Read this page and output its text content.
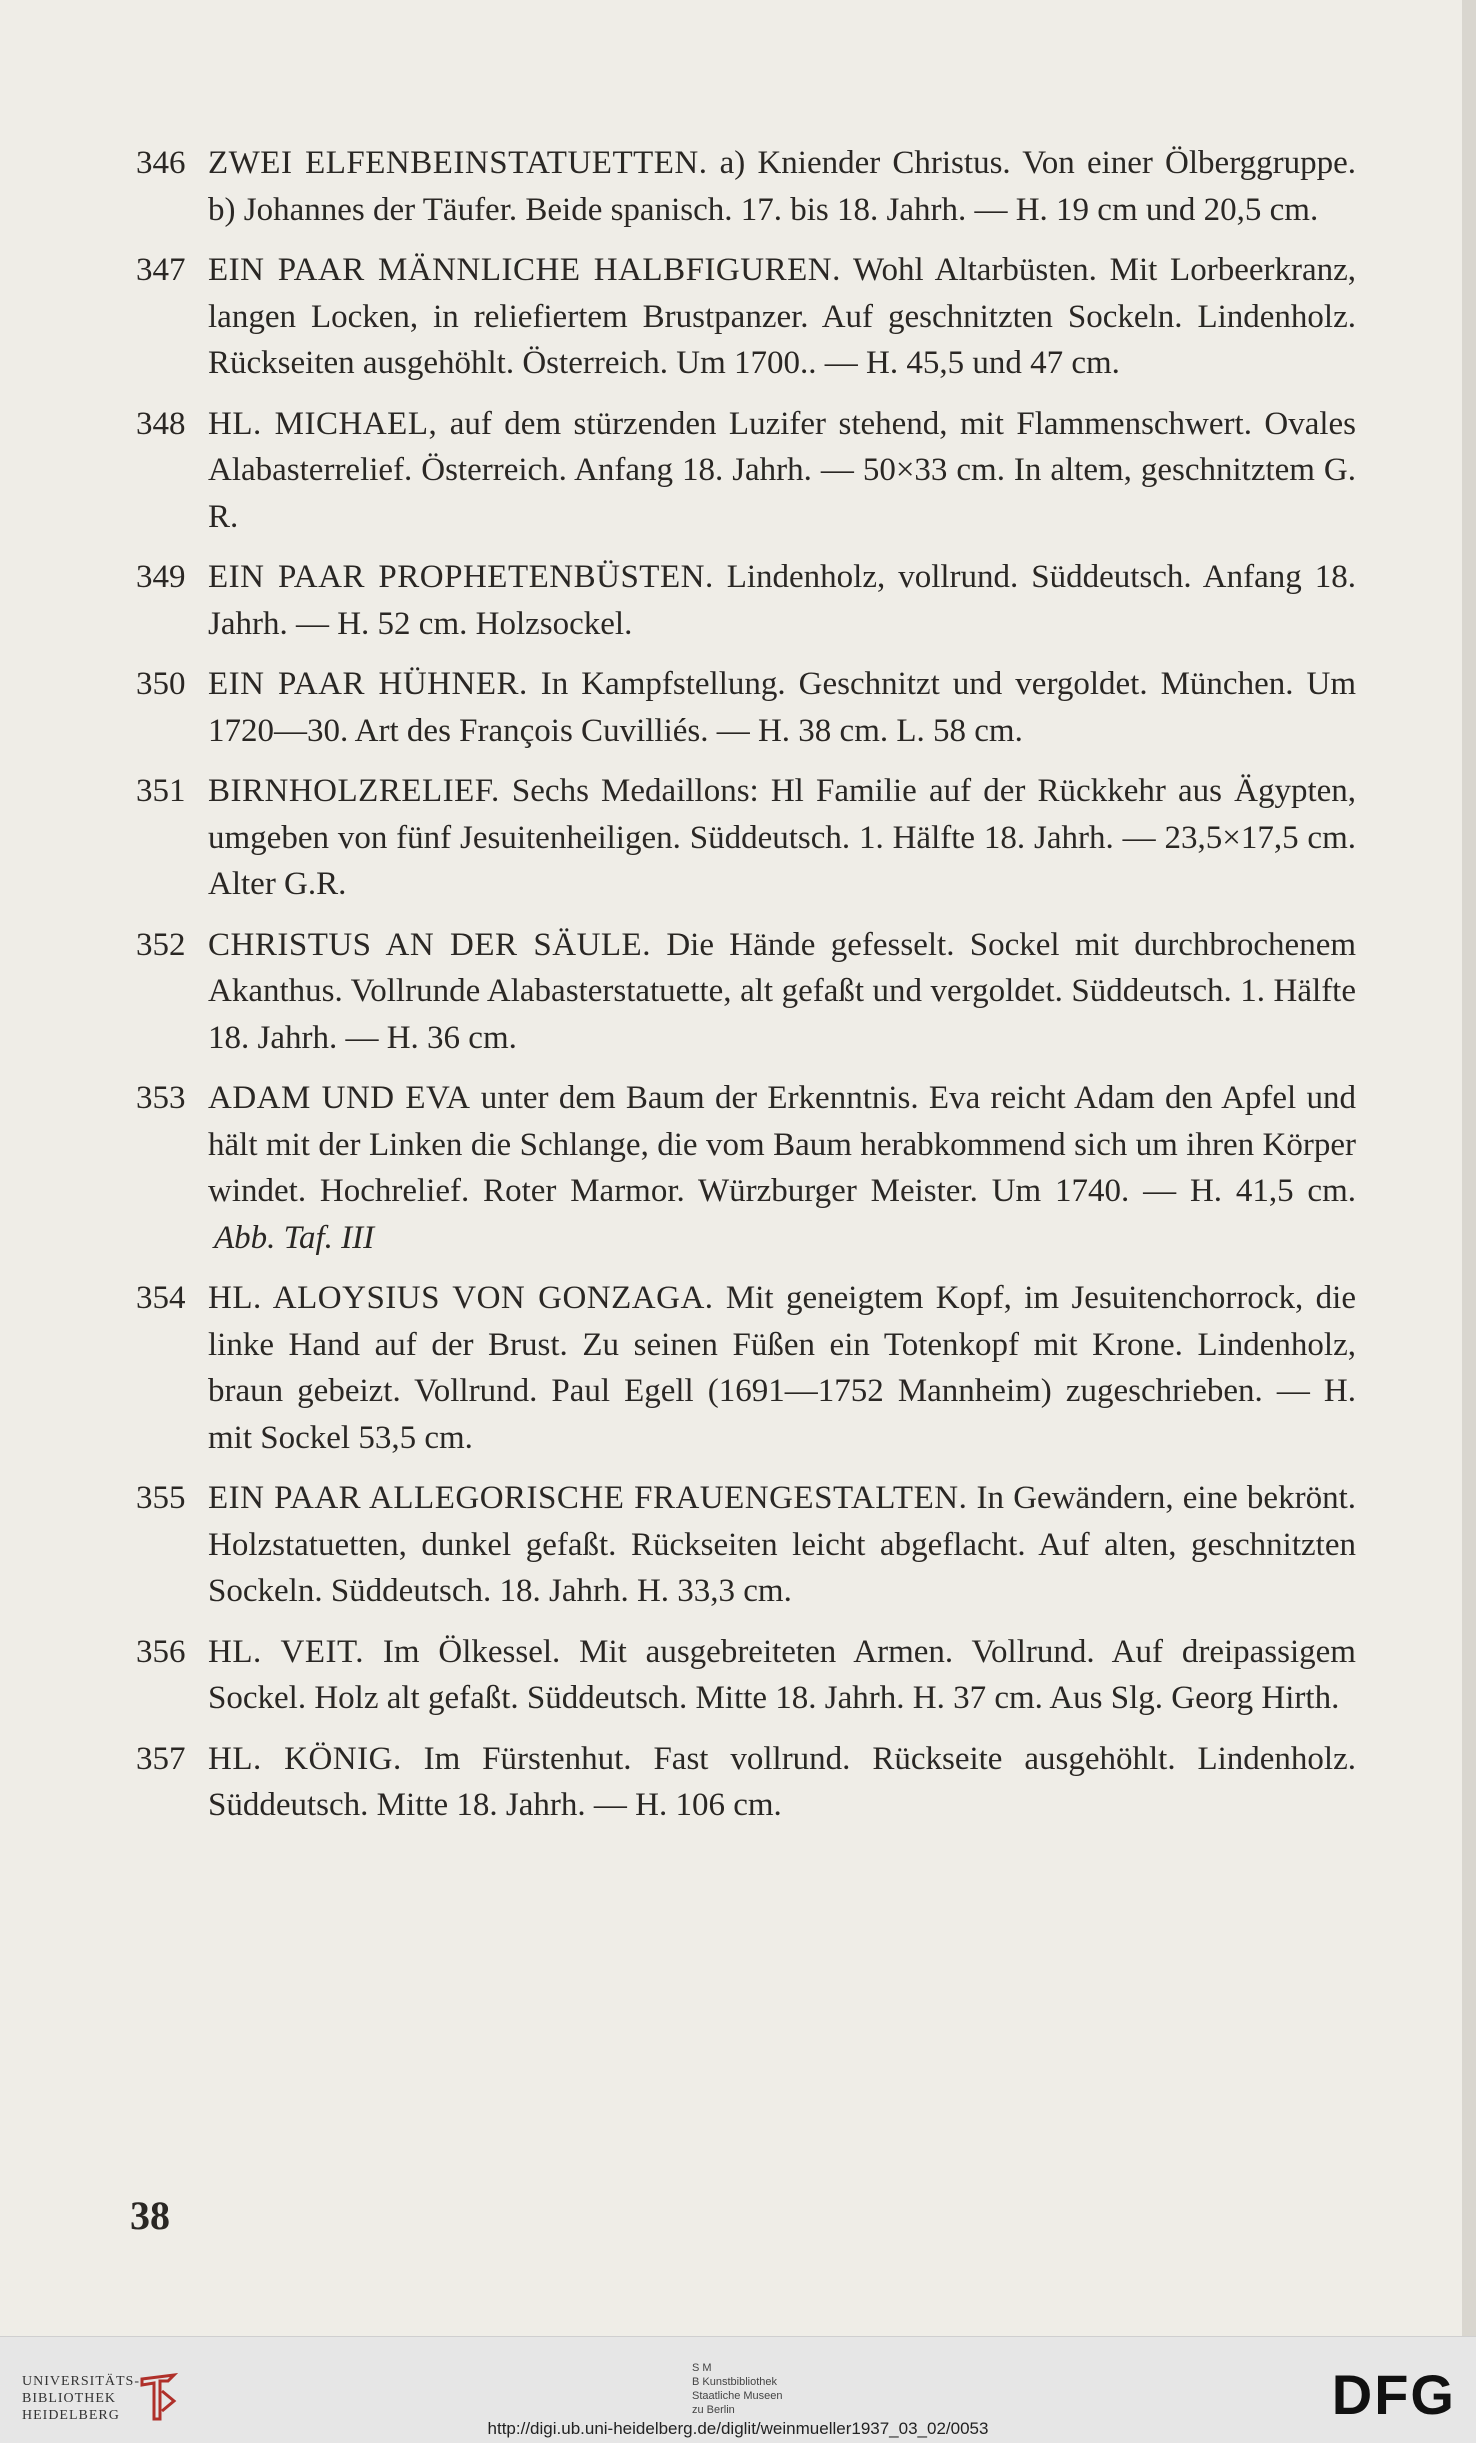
346 ZWEI ELFENBEINSTATUETTEN. a) Kniender Christus. Von einer Ölberggruppe. b) Johannes der Täufer. Beide spanisch. 17. bis 18. Jahrh. — H. 19 cm und 20,5 cm.
347 EIN PAAR MÄNNLICHE HALBFIGUREN. Wohl Altarbüsten. Mit Lorbeerkranz, langen Locken, in reliefiertem Brustpanzer. Auf geschnitzten Sockeln. Lindenholz. Rückseiten ausgehöhlt. Österreich. Um 1700.. — H. 45,5 und 47 cm.
348 HL. MICHAEL, auf dem stürzenden Luzifer stehend, mit Flammenschwert. Ovales Alabasterrelief. Österreich. Anfang 18. Jahrh. — 50×33 cm. In altem, geschnitztem G. R.
349 EIN PAAR PROPHETENBÜSTEN. Lindenholz, vollrund. Süddeutsch. Anfang 18. Jahrh. — H. 52 cm. Holzsockel.
350 EIN PAAR HÜHNER. In Kampfstellung. Geschnitzt und vergoldet. München. Um 1720—30. Art des François Cuvilliés. — H. 38 cm. L. 58 cm.
351 BIRNHOLZRELIEF. Sechs Medaillons: Hl Familie auf der Rückkehr aus Ägypten, umgeben von fünf Jesuitenheiligen. Süddeutsch. 1. Hälfte 18. Jahrh. — 23,5×17,5 cm. Alter G.R.
352 CHRISTUS AN DER SÄULE. Die Hände gefesselt. Sockel mit durchbrochenem Akanthus. Vollrunde Alabasterstatuette, alt gefaßt und vergoldet. Süddeutsch. 1. Hälfte 18. Jahrh. — H. 36 cm.
353 ADAM UND EVA unter dem Baum der Erkenntnis. Eva reicht Adam den Apfel und hält mit der Linken die Schlange, die vom Baum herabkommend sich um ihren Körper windet. Hochrelief. Roter Marmor. Würzburger Meister. Um 1740. — H. 41,5 cm. Abb. Taf. III
354 HL. ALOYSIUS VON GONZAGA. Mit geneigtem Kopf, im Jesuitenchorrock, die linke Hand auf der Brust. Zu seinen Füßen ein Totenkopf mit Krone. Lindenholz, braun gebeizt. Vollrund. Paul Egell (1691—1752 Mannheim) zugeschrieben. — H. mit Sockel 53,5 cm.
355 EIN PAAR ALLEGORISCHE FRAUENGESTALTEN. In Gewändern, eine bekrönt. Holzstatuetten, dunkel gefaßt. Rückseiten leicht abgeflacht. Auf alten, geschnitzten Sockeln. Süddeutsch. 18. Jahrh. H. 33,3 cm.
356 HL. VEIT. Im Ölkessel. Mit ausgebreiteten Armen. Vollrund. Auf dreipassigem Sockel. Holz alt gefaßt. Süddeutsch. Mitte 18. Jahrh. H. 37 cm. Aus Slg. Georg Hirth.
357 HL. KÖNIG. Im Fürstenhut. Fast vollrund. Rückseite ausgehöhlt. Lindenholz. Süddeutsch. Mitte 18. Jahrh. — H. 106 cm.
38
UNIVERSITÄTS-
BIBLIOTHEK
HEIDELBERG
S M
B Kunstbibliothek
Staatliche Museen
zu Berlin	DFG
http://digi.ub.uni-heidelberg.de/diglit/weinmueller1937_03_02/0053
